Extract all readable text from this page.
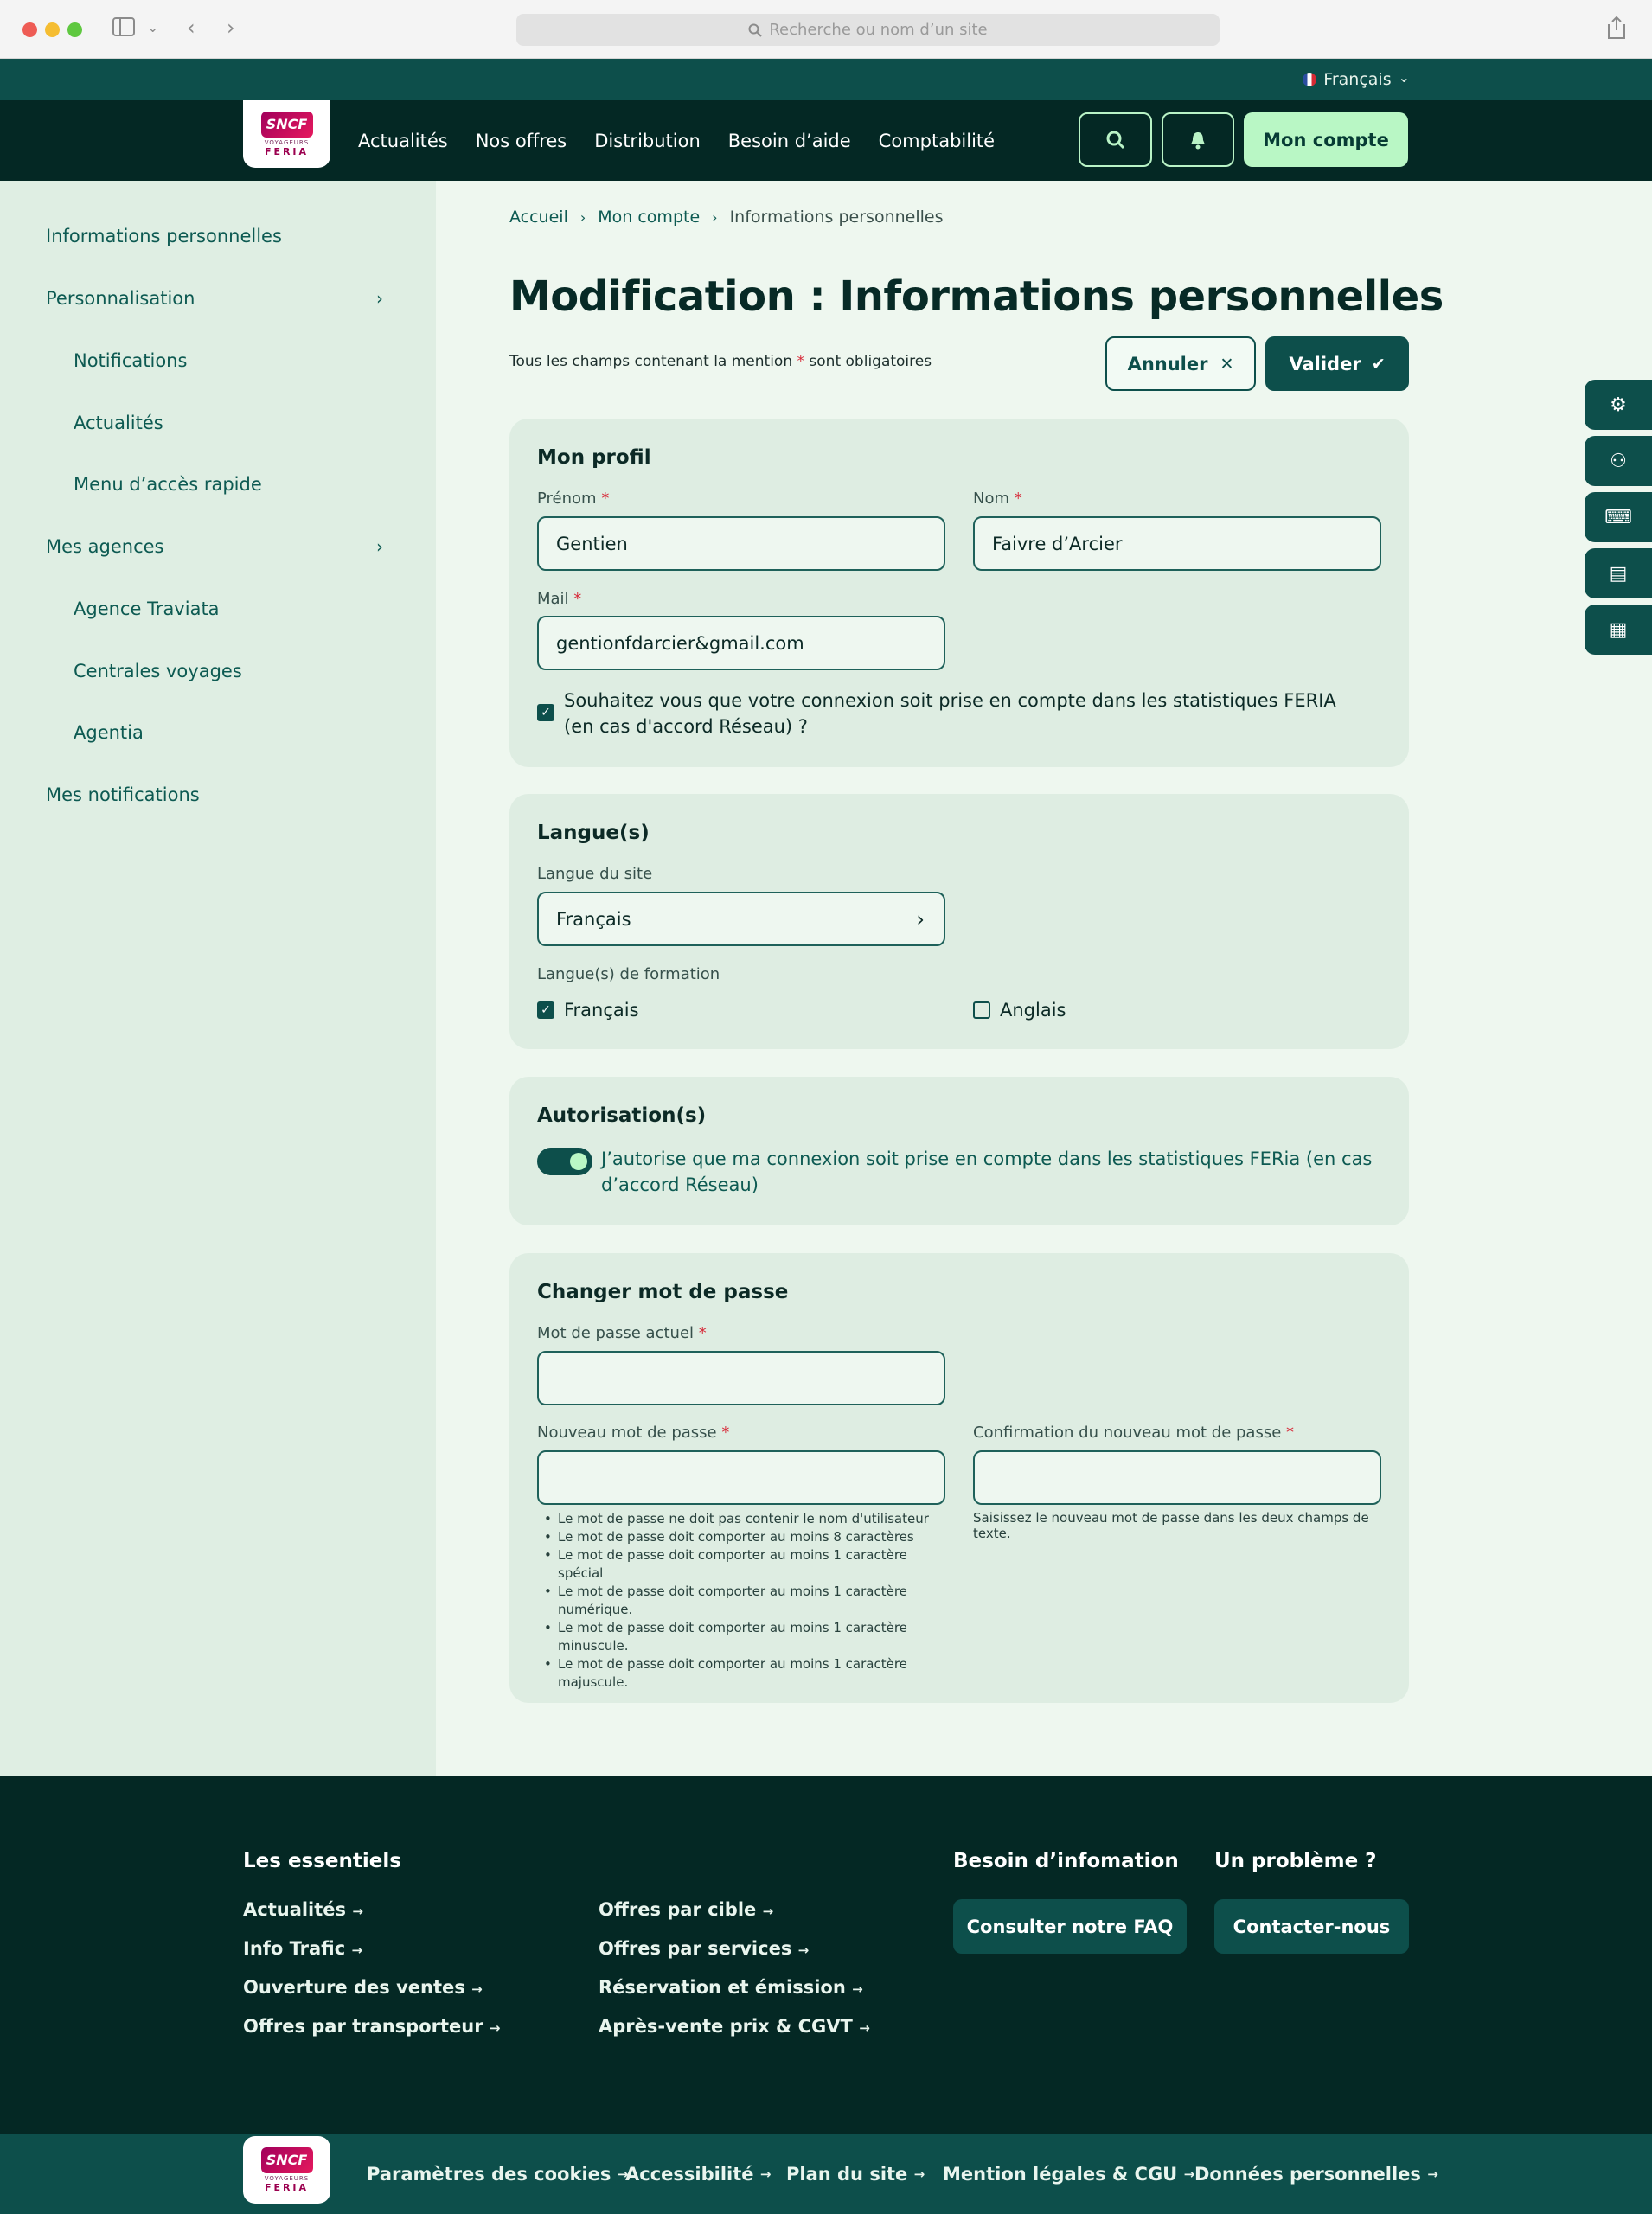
⌄ ‹ ›	Recherche ou nom d’un site
Français ⌄
SNCF
VOYAGEURS
FERIA
Actualités Nos offres Distribution Besoin d’aide Comptabilité	Mon compte
Informations personnelles
Personnalisation	›
Notifications
Actualités
Menu d’accès rapide
Mes agences	›
Agence Traviata
Centrales voyages
Agentia
Mes notifications
Accueil › Mon compte › Informations personnelles
Modification : Informations personnelles
Tous les champs contenant la mention * sont obligatoires	Annuler ✕	Valider ✔
Mon profil
Prénom *
Gentien
Nom *
Faivre d’Arcier
Mail *
gentionfdarcier&gmail.com
✓
Souhaitez vous que votre connexion soit prise en compte dans les statistiques FERIA (en cas d'accord Réseau) ?
Langue(s)
Langue du site
Français	›
Langue(s) de formation
✓ Français	Anglais
Autorisation(s)
J’autorise que ma connexion soit prise en compte dans les statistiques FERia (en cas d’accord Réseau)
Changer mot de passe
Mot de passe actuel *
Nouveau mot de passe *	Confirmation du nouveau mot de passe *
• Le mot de passe ne doit pas contenir le nom d'utilisateur
• Le mot de passe doit comporter au moins 8 caractères
• Le mot de passe doit comporter au moins 1 caractère spécial
• Le mot de passe doit comporter au moins 1 caractère numérique.
• Le mot de passe doit comporter au moins 1 caractère minuscule.
• Le mot de passe doit comporter au moins 1 caractère majuscule.
Saisissez le nouveau mot de passe dans les deux champs de texte.
⚙
⚇
⌨
▤
▦
Les essentiels
Actualités →
Info Trafic →
Ouverture des ventes →
Offres par transporteur →
Offres par cible →
Offres par services →
Réservation et émission →
Après-vente prix & CGVT →
Besoin d’infomation
Consulter notre FAQ
Un problème ?
Contacter-nous
SNCF
VOYAGEURS
FERIA
Paramètres des cookies
→
Accessibilité
→ Plan du site
→ Mention légales & CGU
→ Données personnelles
→
